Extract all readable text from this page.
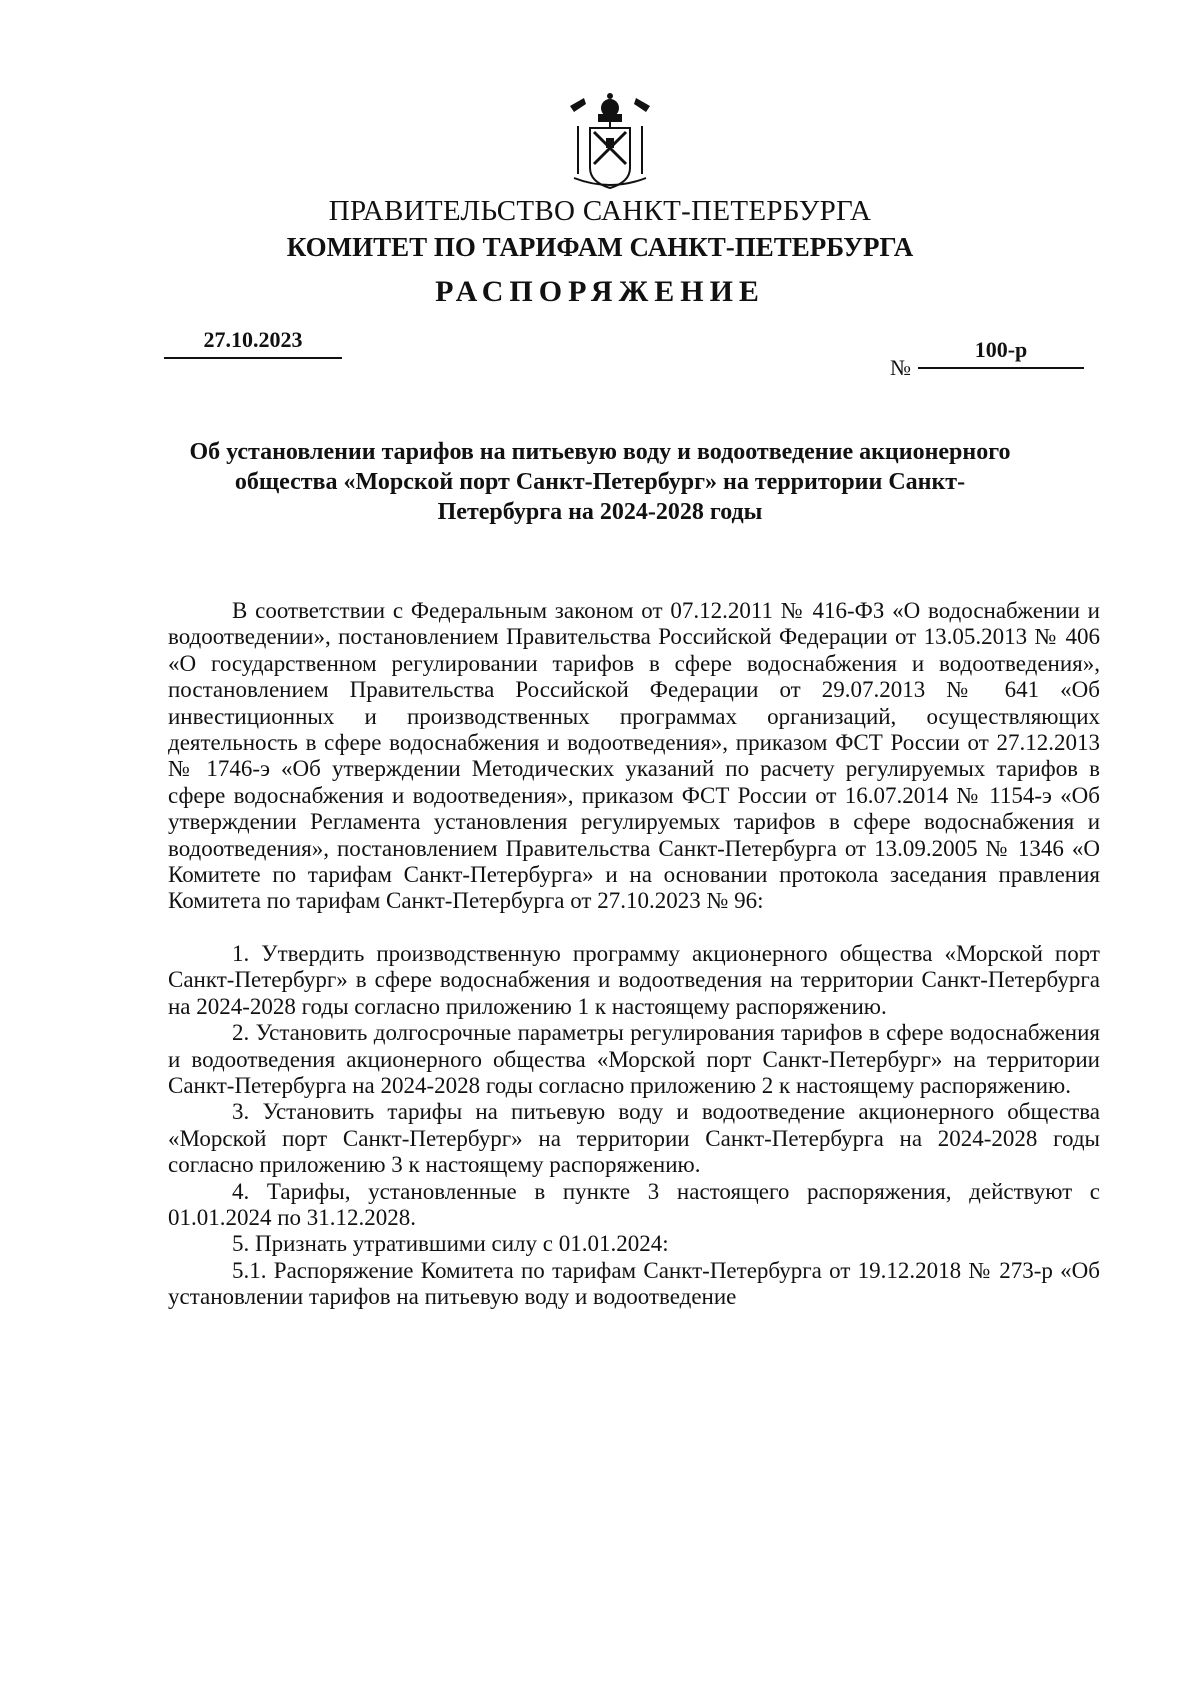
ПРАВИТЕЛЬСТВО САНКТ-ПЕТЕРБУРГА
КОМИТЕТ ПО ТАРИФАМ САНКТ-ПЕТЕРБУРГА
РАСПОРЯЖЕНИЕ
27.10.2023
№
100-р
Об установлении тарифов на питьевую воду и водоотведение акционерного общества «Морской порт Санкт-Петербург» на территории Санкт-Петербурга на 2024-2028 годы

В соответствии с Федеральным законом от 07.12.2011 № 416-ФЗ «О водоснабжении и водоотведении», постановлением Правительства Российской Федерации от 13.05.2013 № 406 «О государственном регулировании тарифов в сфере водоснабжения и водоотведения», постановлением Правительства Российской Федерации от 29.07.2013 № 641 «Об инвестиционных и производственных программах организаций, осуществляющих деятельность в сфере водоснабжения и водоотведения», приказом ФСТ России от 27.12.2013 № 1746-э «Об утверждении Методических указаний по расчету регулируемых тарифов в сфере водоснабжения и водоотведения», приказом ФСТ России от 16.07.2014 № 1154-э «Об утверждении Регламента установления регулируемых тарифов в сфере водоснабжения и водоотведения», постановлением Правительства Санкт-Петербурга от 13.09.2005 № 1346 «О Комитете по тарифам Санкт-Петербурга» и на основании протокола заседания правления Комитета по тарифам Санкт-Петербурга от 27.10.2023 № 96:

1. Утвердить производственную программу акционерного общества «Морской порт Санкт-Петербург» в сфере водоснабжения и водоотведения на территории Санкт-Петербурга на 2024-2028 годы согласно приложению 1 к настоящему распоряжению.

2. Установить долгосрочные параметры регулирования тарифов в сфере водоснабжения и водоотведения акционерного общества «Морской порт Санкт-Петербург» на территории Санкт-Петербурга на 2024-2028 годы согласно приложению 2 к настоящему распоряжению.

3. Установить тарифы на питьевую воду и водоотведение акционерного общества «Морской порт Санкт-Петербург» на территории Санкт-Петербурга на 2024-2028 годы согласно приложению 3 к настоящему распоряжению.

4. Тарифы, установленные в пункте 3 настоящего распоряжения, действуют с 01.01.2024 по 31.12.2028.

5. Признать утратившими силу с 01.01.2024:

5.1. Распоряжение Комитета по тарифам Санкт-Петербурга от 19.12.2018 № 273-р «Об установлении тарифов на питьевую воду и водоотведение
